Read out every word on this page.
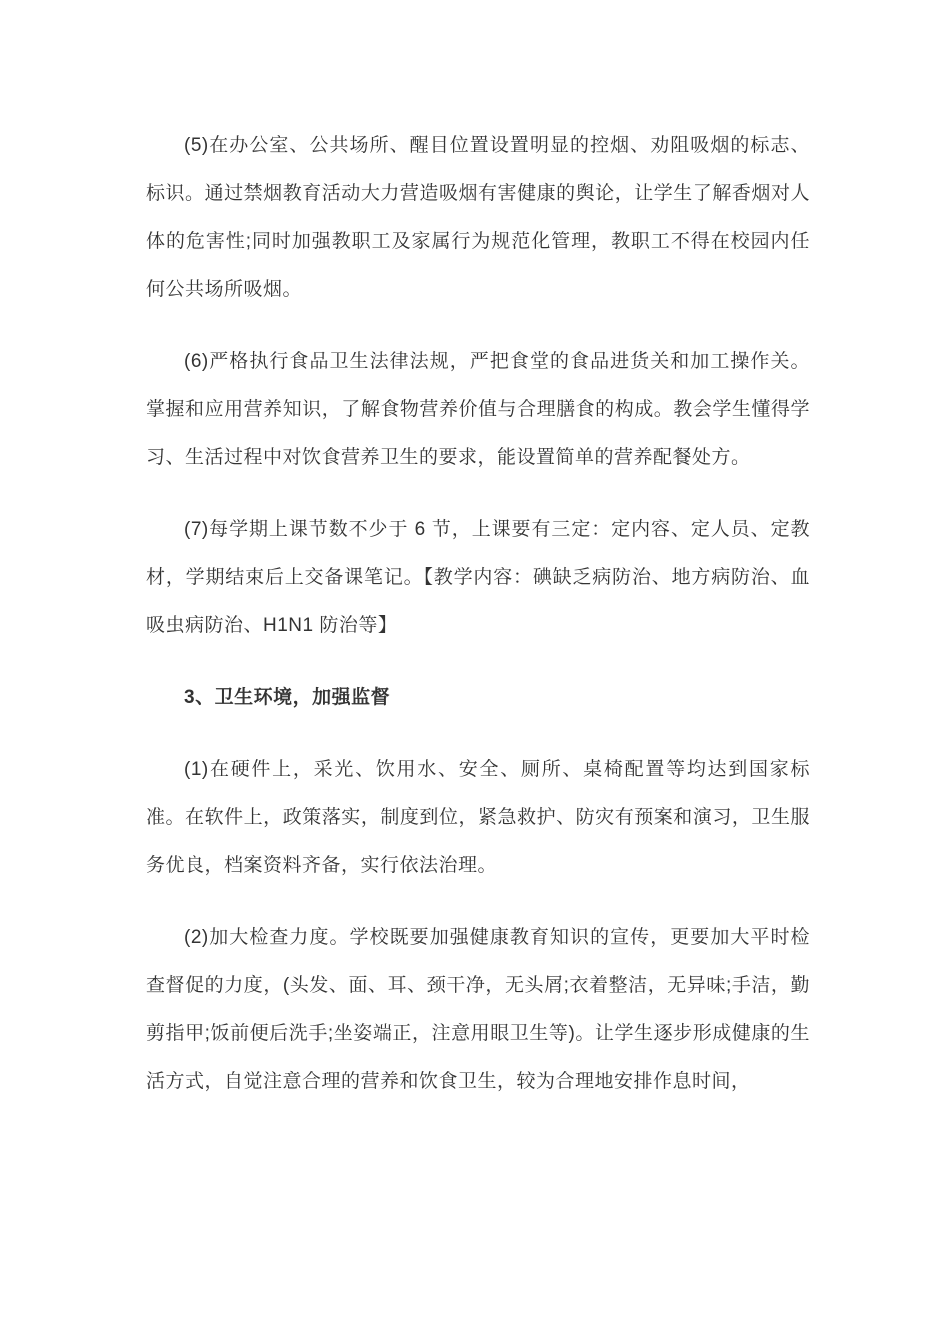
(5)在办公室、公共场所、醒目位置设置明显的控烟、劝阻吸烟的标志、标识。通过禁烟教育活动大力营造吸烟有害健康的舆论，让学生了解香烟对人体的危害性;同时加强教职工及家属行为规范化管理，教职工不得在校园内任何公共场所吸烟。

(6)严格执行食品卫生法律法规，严把食堂的食品进货关和加工操作关。掌握和应用营养知识，了解食物营养价值与合理膳食的构成。教会学生懂得学习、生活过程中对饮食营养卫生的要求，能设置简单的营养配餐处方。

(7)每学期上课节数不少于 6 节，上课要有三定：定内容、定人员、定教材，学期结束后上交备课笔记。【教学内容：碘缺乏病防治、地方病防治、血吸虫病防治、H1N1 防治等】

3、卫生环境，加强监督

(1)在硬件上，采光、饮用水、安全、厕所、桌椅配置等均达到国家标准。在软件上，政策落实，制度到位，紧急救护、防灾有预案和演习，卫生服务优良，档案资料齐备，实行依法治理。

(2)加大检查力度。学校既要加强健康教育知识的宣传，更要加大平时检查督促的力度，(头发、面、耳、颈干净，无头屑;衣着整洁，无异味;手洁，勤剪指甲;饭前便后洗手;坐姿端正，注意用眼卫生等)。让学生逐步形成健康的生活方式，自觉注意合理的营养和饮食卫生，较为合理地安排作息时间，
